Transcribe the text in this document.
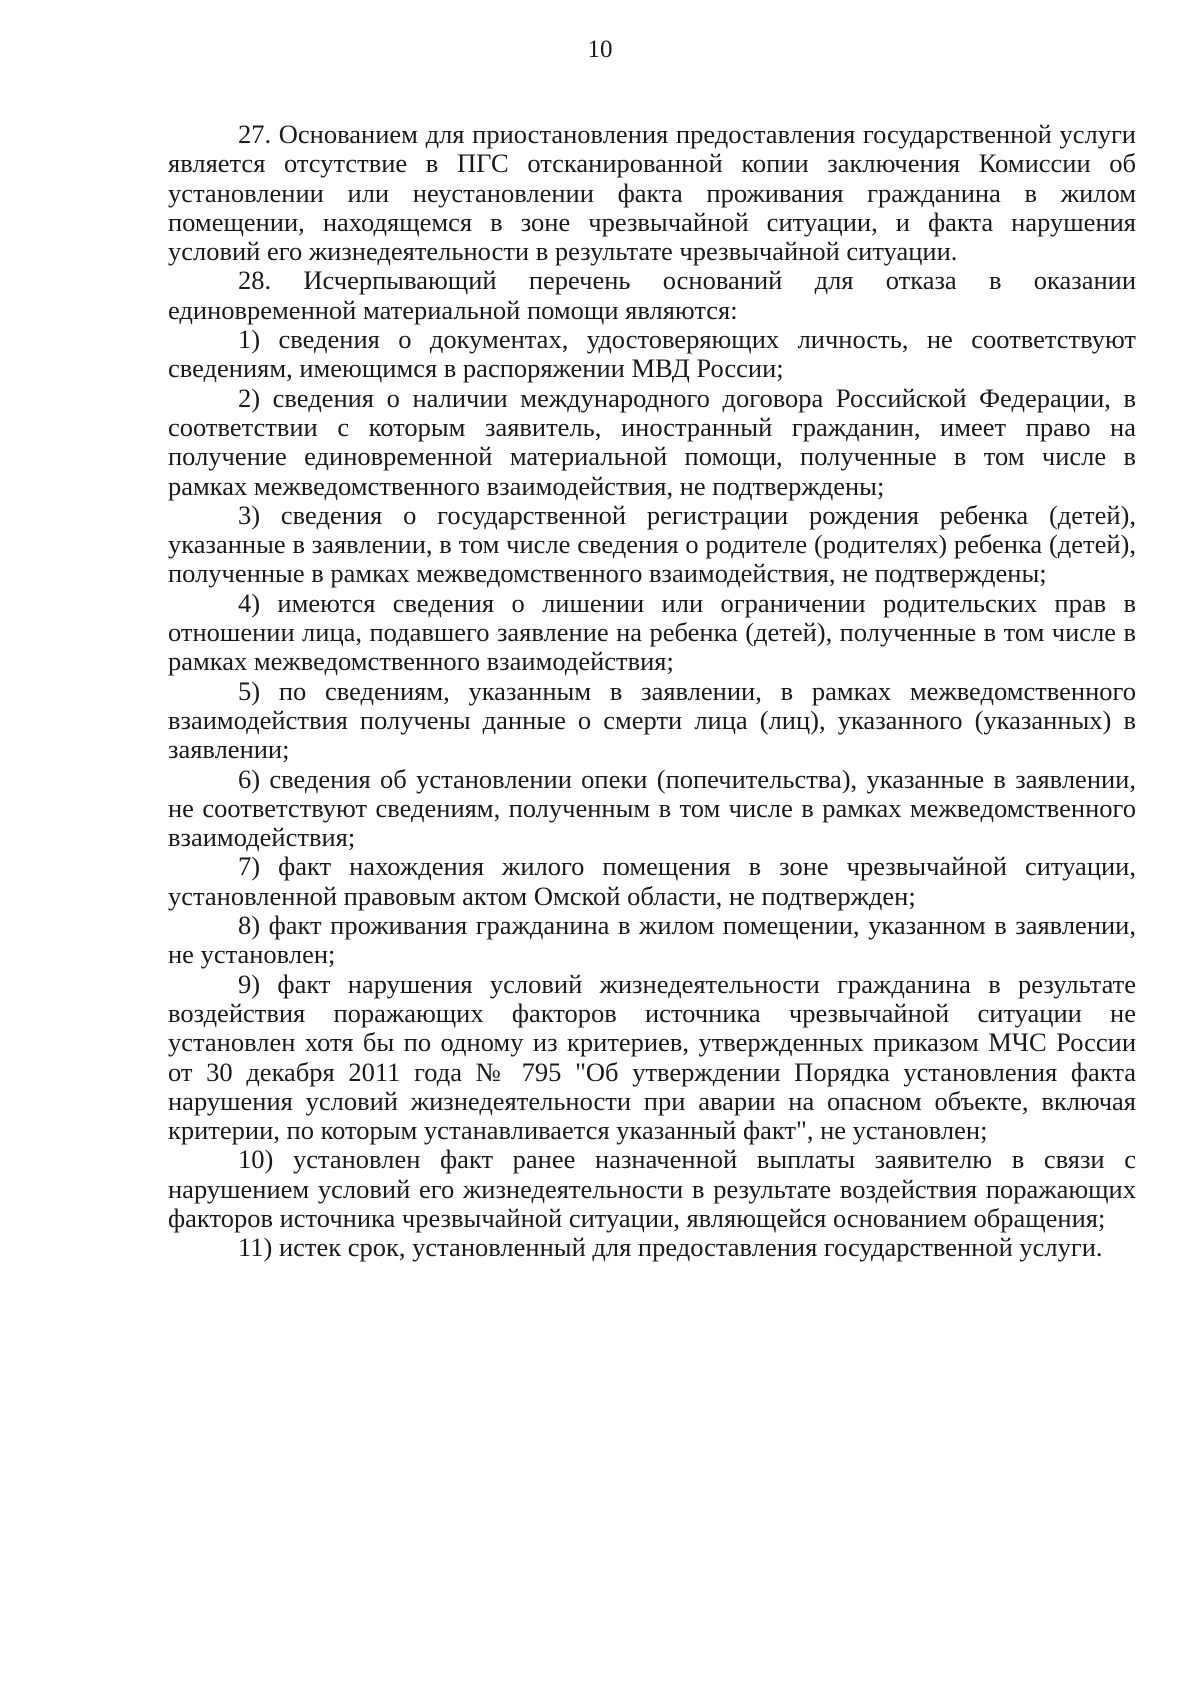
10

27. Основанием для приостановления предоставления государственной услуги является отсутствие в ПГС отсканированной копии заключения Комиссии об установлении или неустановлении факта проживания гражданина в жилом помещении, находящемся в зоне чрезвычайной ситуации, и факта нарушения условий его жизнедеятельности в результате чрезвычайной ситуации.

28. Исчерпывающий перечень оснований для отказа в оказании единовременной материальной помощи являются:

1) сведения о документах, удостоверяющих личность, не соответствуют сведениям, имеющимся в распоряжении МВД России;

2) сведения о наличии международного договора Российской Федерации, в соответствии с которым заявитель, иностранный гражданин, имеет право на получение единовременной материальной помощи, полученные в том числе в рамках межведомственного взаимодействия, не подтверждены;

3) сведения о государственной регистрации рождения ребенка (детей), указанные в заявлении, в том числе сведения о родителе (родителях) ребенка (детей), полученные в рамках межведомственного взаимодействия, не подтверждены;

4) имеются сведения о лишении или ограничении родительских прав в отношении лица, подавшего заявление на ребенка (детей), полученные в том числе в рамках межведомственного взаимодействия;

5) по сведениям, указанным в заявлении, в рамках межведомственного взаимодействия получены данные о смерти лица (лиц), указанного (указанных) в заявлении;

6) сведения об установлении опеки (попечительства), указанные в заявлении, не соответствуют сведениям, полученным в том числе в рамках межведомственного взаимодействия;

7) факт нахождения жилого помещения в зоне чрезвычайной ситуации, установленной правовым актом Омской области, не подтвержден;

8) факт проживания гражданина в жилом помещении, указанном в заявлении, не установлен;

9) факт нарушения условий жизнедеятельности гражданина в результате воздействия поражающих факторов источника чрезвычайной ситуации не установлен хотя бы по одному из критериев, утвержденных приказом МЧС России от 30 декабря 2011 года № 795 "Об утверждении Порядка установления факта нарушения условий жизнедеятельности при аварии на опасном объекте, включая критерии, по которым устанавливается указанный факт", не установлен;

10) установлен факт ранее назначенной выплаты заявителю в связи с нарушением условий его жизнедеятельности в результате воздействия поражающих факторов источника чрезвычайной ситуации, являющейся основанием обращения;

11) истек срок, установленный для предоставления государственной услуги.
